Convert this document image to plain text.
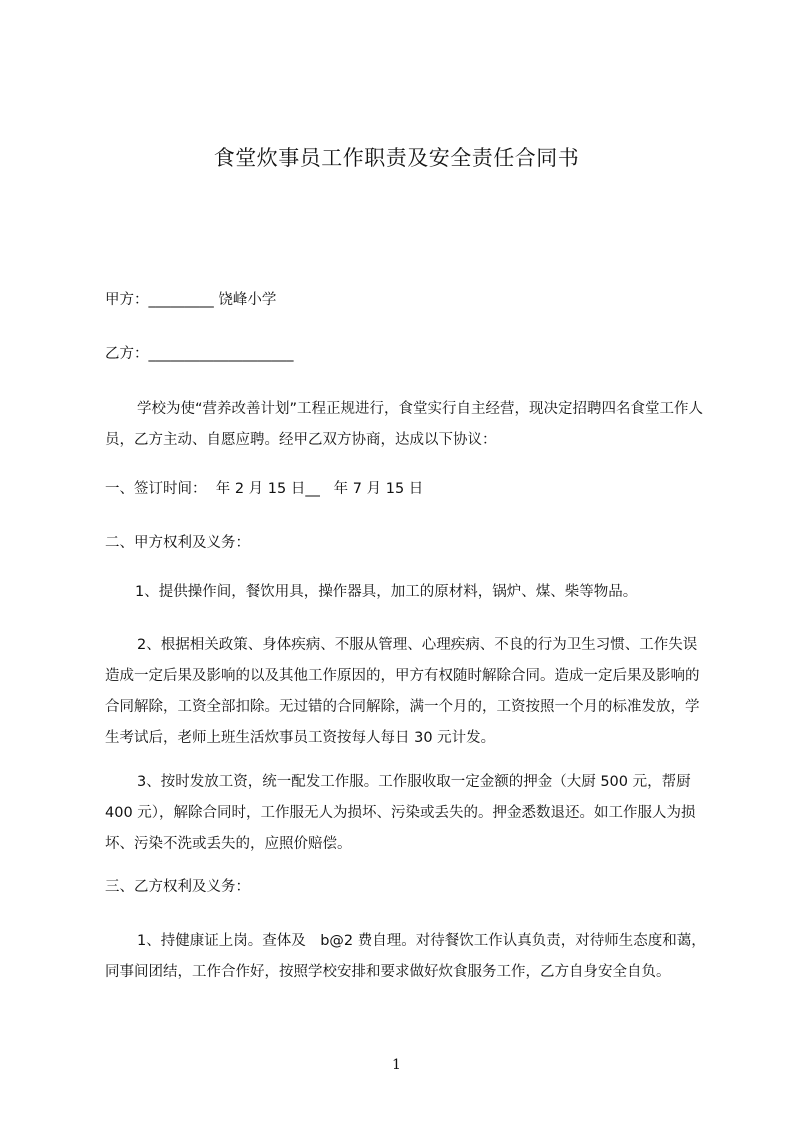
食堂炊事员工作职责及安全责任合同书
甲方：_________ 饶峰小学
乙方：____________________
学校为使“营养改善计划”工程正规进行，食堂实行自主经营，现决定招聘四名食堂工作人员，乙方主动、自愿应聘。经甲乙双方协商，达成以下协议：
一、签订时间： 年 2 月 15 日__ 年 7 月 15 日
二、甲方权利及义务：
1、提供操作间，餐饮用具，操作器具，加工的原材料，锅炉、煤、柴等物品。
2、根据相关政策、身体疾病、不服从管理、心理疾病、不良的行为卫生习惯、工作失误造成一定后果及影响的以及其他工作原因的，甲方有权随时解除合同。造成一定后果及影响的合同解除，工资全部扣除。无过错的合同解除，满一个月的，工资按照一个月的标准发放，学生考试后，老师上班生活炊事员工资按每人每日 30 元计发。
3、按时发放工资，统一配发工作服。工作服收取一定金额的押金（大厨 500 元，帮厨 400 元），解除合同时，工作服无人为损坏、污染或丢失的。押金悉数退还。如工作服人为损坏、污染不洗或丢失的，应照价赔偿。
三、乙方权利及义务：
1、持健康证上岗。查体及　b@2 费自理。对待餐饮工作认真负责，对待师生态度和蔼，同事间团结，工作合作好，按照学校安排和要求做好炊食服务工作，乙方自身安全自负。
1
